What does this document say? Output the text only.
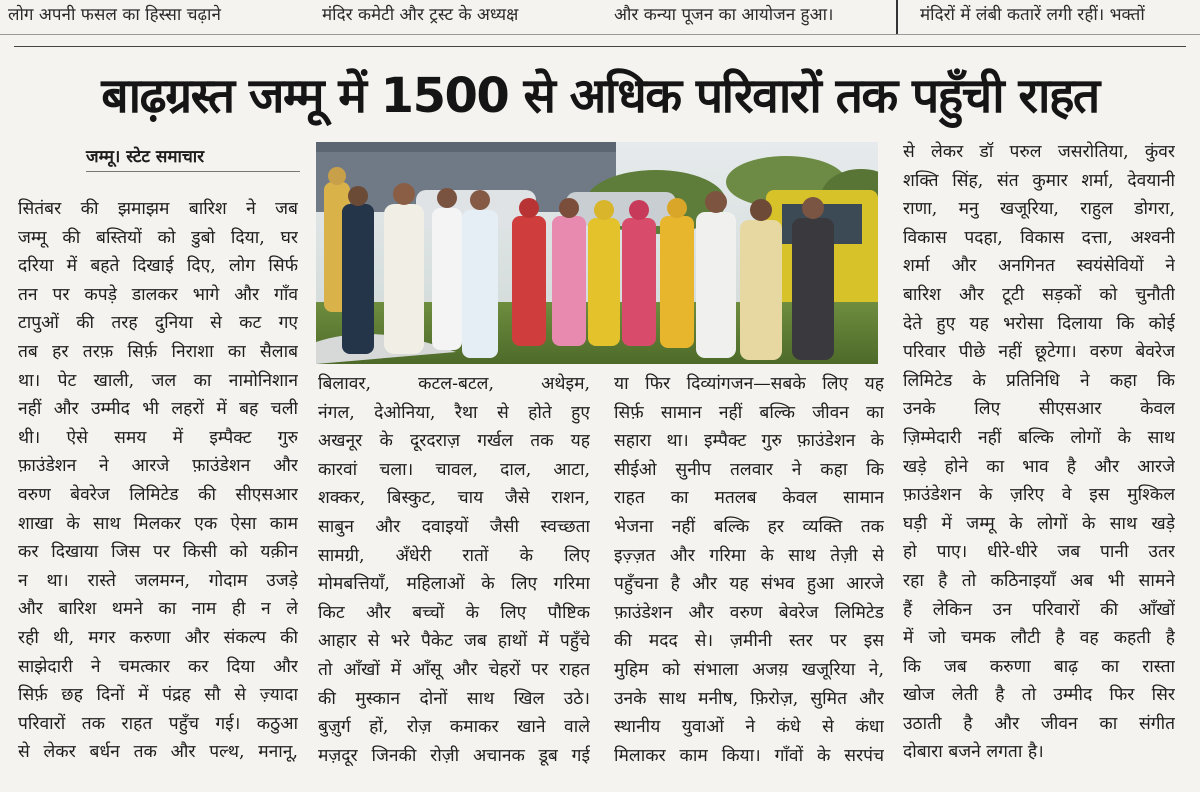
लोग अपनी फसल का हिस्सा चढ़ाने	मंदिर कमेटी और ट्रस्ट के अध्यक्ष	और कन्या पूजन का आयोजन हुआ।	मंदिरों में लंबी कतारें लगी रहीं। भक्तों
बाढ़ग्रस्त जम्मू में 1500 से अधिक परिवारों तक पहुँची राहत
जम्मू। स्टेट समाचार
सितंबर की झमाझम बारिश ने जब
जम्मू की बस्तियों को डुबो दिया, घर
दरिया में बहते दिखाई दिए, लोग सिर्फ
तन पर कपड़े डालकर भागे और गाँव
टापुओं की तरह दुनिया से कट गए
तब हर तरफ़ सिर्फ़ निराशा का सैलाब
था। पेट खाली, जल का नामोनिशान
नहीं और उम्मीद भी लहरों में बह चली
थी। ऐसे समय में इम्पैक्ट गुरु
फ़ाउंडेशन ने आरजे फ़ाउंडेशन और
वरुण बेवरेज लिमिटेड की सीएसआर
शाखा के साथ मिलकर एक ऐसा काम
कर दिखाया जिस पर किसी को यक़ीन
न था। रास्ते जलमग्न, गोदाम उजड़े
और बारिश थमने का नाम ही न ले
रही थी, मगर करुणा और संकल्प की
साझेदारी ने चमत्कार कर दिया और
सिर्फ़ छह दिनों में पंद्रह सौ से ज़्यादा
परिवारों तक राहत पहुँच गई। कठुआ
से लेकर बर्धन तक और पल्थ, मनानू,
बिलावर, कटल-बटल, अथेइम,
नंगल, देओनिया, रैथा से होते हुए
अखनूर के दूरदराज़ गर्खल तक यह
कारवां चला। चावल, दाल, आटा,
शक्कर, बिस्कुट, चाय जैसे राशन,
साबुन और दवाइयों जैसी स्वच्छता
सामग्री, अँधेरी रातों के लिए
मोमबत्तियाँ, महिलाओं के लिए गरिमा
किट और बच्चों के लिए पौष्टिक
आहार से भरे पैकेट जब हाथों में पहुँचे
तो आँखों में आँसू और चेहरों पर राहत
की मुस्कान दोनों साथ खिल उठे।
बुज़ुर्ग हों, रोज़ कमाकर खाने वाले
मज़दूर जिनकी रोज़ी अचानक डूब गई
या फिर दिव्यांगजन—सबके लिए यह
सिर्फ़ सामान नहीं बल्कि जीवन का
सहारा था। इम्पैक्ट गुरु फ़ाउंडेशन के
सीईओ सुनीप तलवार ने कहा कि
राहत का मतलब केवल सामान
भेजना नहीं बल्कि हर व्यक्ति तक
इज़्ज़त और गरिमा के साथ तेज़ी से
पहुँचना है और यह संभव हुआ आरजे
फ़ाउंडेशन और वरुण बेवरेज लिमिटेड
की मदद से। ज़मीनी स्तर पर इस
मुहिम को संभाला अजय़ खजूरिया ने,
उनके साथ मनीष, फ़िरोज़, सुमित और
स्थानीय युवाओं ने कंधे से कंधा
मिलाकर काम किया। गाँवों के सरपंच
से लेकर डॉ परुल जसरोतिया, कुंवर
शक्ति सिंह, संत कुमार शर्मा, देवयानी
राणा, मनु खजूरिया, राहुल डोगरा,
विकास पदहा, विकास दत्ता, अश्वनी
शर्मा और अनगिनत स्वयंसेवियों ने
बारिश और टूटी सड़कों को चुनौती
देते हुए यह भरोसा दिलाया कि कोई
परिवार पीछे नहीं छूटेगा। वरुण बेवरेज
लिमिटेड के प्रतिनिधि ने कहा कि
उनके लिए सीएसआर केवल
ज़िम्मेदारी नहीं बल्कि लोगों के साथ
खड़े होने का भाव है और आरजे
फ़ाउंडेशन के ज़रिए वे इस मुश्किल
घड़ी में जम्मू के लोगों के साथ खड़े
हो पाए। धीरे-धीरे जब पानी उतर
रहा है तो कठिनाइयाँ अब भी सामने
हैं लेकिन उन परिवारों की आँखों
में जो चमक लौटी है वह कहती है
कि जब करुणा बाढ़ का रास्ता
खोज लेती है तो उम्मीद फिर सिर
उठाती है और जीवन का संगीत
दोबारा बजने लगता है।
